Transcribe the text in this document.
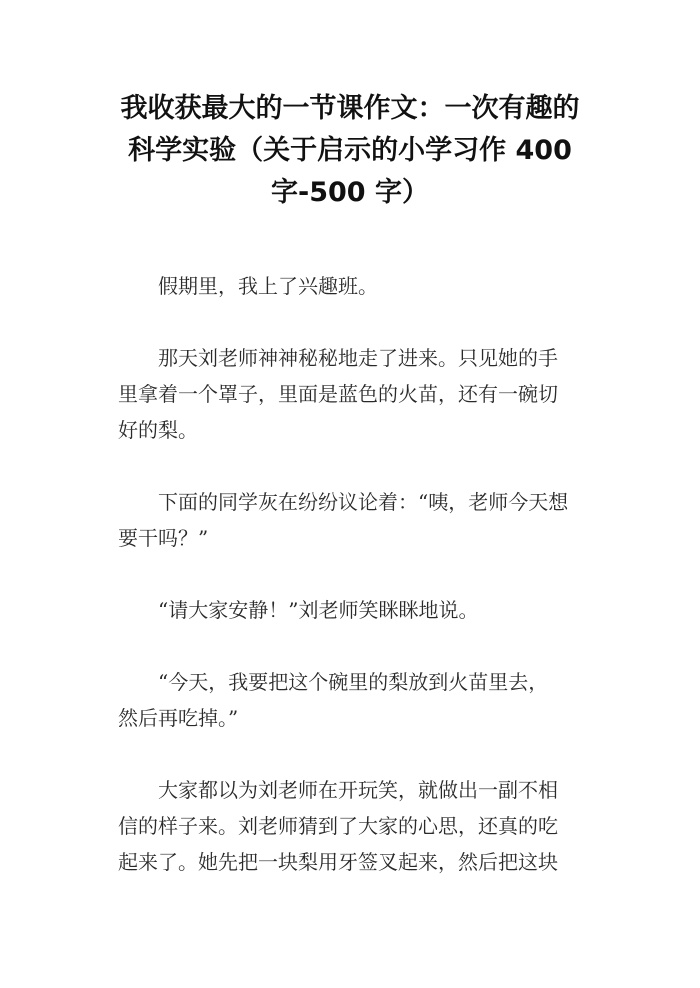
我收获最大的一节课作文：一次有趣的
科学实验（关于启示的小学习作 400
字-500 字）

假期里，我上了兴趣班。

那天刘老师神神秘秘地走了进来。只见她的手
里拿着一个罩子，里面是蓝色的火苗，还有一碗切
好的梨。

下面的同学灰在纷纷议论着：“咦，老师今天想
要干吗？”

“请大家安静！”刘老师笑眯眯地说。

“今天，我要把这个碗里的梨放到火苗里去，
然后再吃掉。”

大家都以为刘老师在开玩笑，就做出一副不相
信的样子来。刘老师猜到了大家的心思，还真的吃
起来了。她先把一块梨用牙签叉起来，然后把这块
